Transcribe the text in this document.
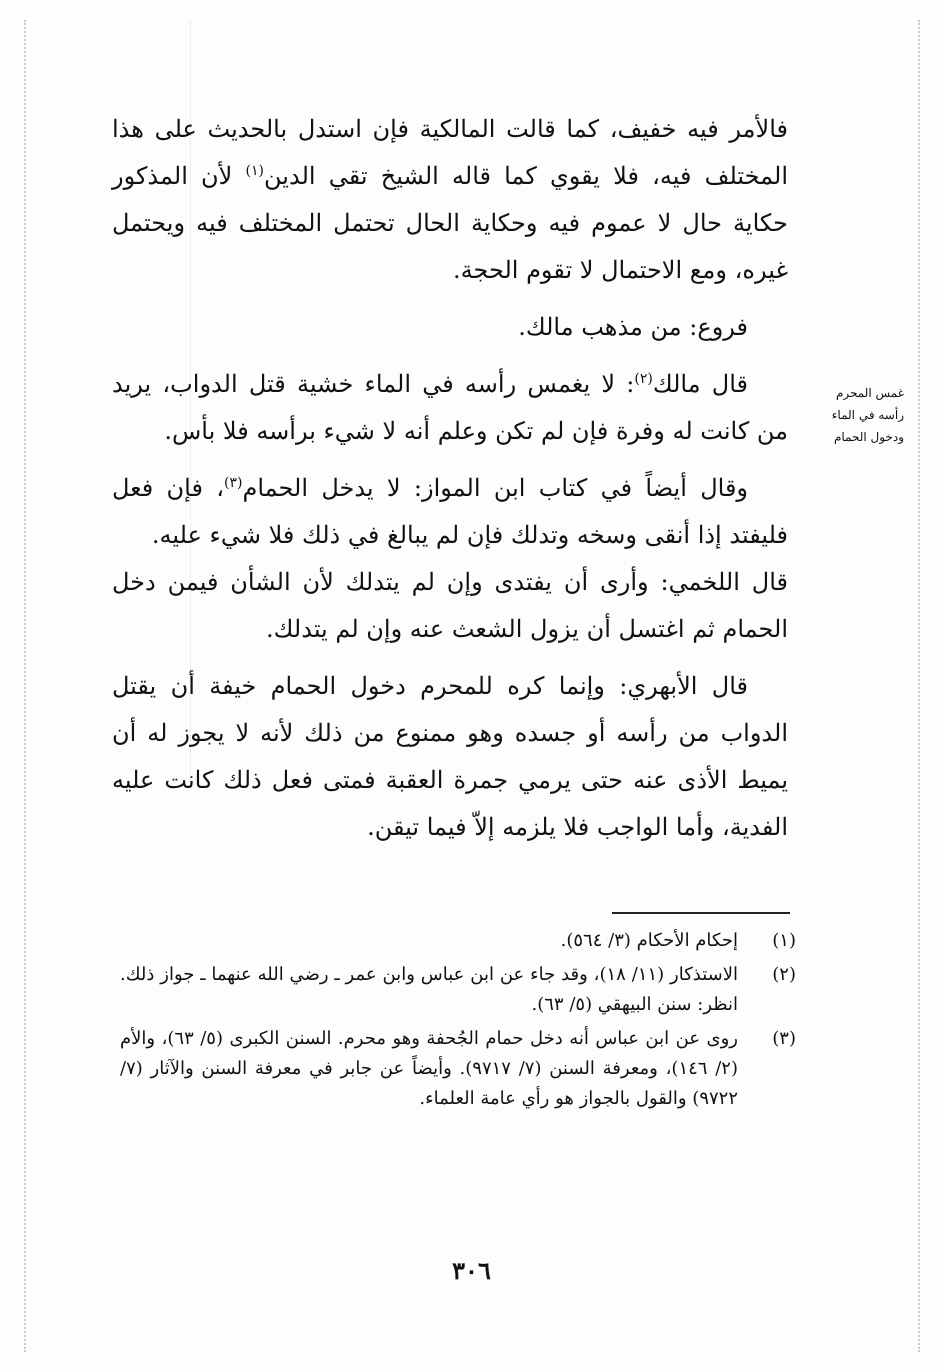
فالأمر فيه خفيف، كما قالت المالكية فإن استدل بالحديث على هذا المختلف فيه، فلا يقوي كما قاله الشيخ تقي الدين$^{(١)}$ لأن المذكور حكاية حال لا عموم فيه وحكاية الحال تحتمل المختلف فيه ويحتمل غيره، ومع الاحتمال لا تقوم الحجة.

فروع: من مذهب مالك.

قال مالك$^{(٢)}$: لا يغمس رأسه في الماء خشية قتل الدواب، يريد من كانت له وفرة فإن لم تكن وعلم أنه لا شيء برأسه فلا بأس.

وقال أيضاً في كتاب ابن المواز: لا يدخل الحمام$^{(٣)}$، فإن فعل فليفتد إذا أنقى وسخه وتدلك فإن لم يبالغ في ذلك فلا شيء عليه.

قال اللخمي: وأرى أن يفتدى وإن لم يتدلك لأن الشأن فيمن دخل الحمام ثم اغتسل أن يزول الشعث عنه وإن لم يتدلك.

قال الأبهري: وإنما كره للمحرم دخول الحمام خيفة أن يقتل الدواب من رأسه أو جسده وهو ممنوع من ذلك لأنه لا يجوز له أن يميط الأذى عنه حتى يرمي جمرة العقبة فمتى فعل ذلك كانت عليه الفدية، وأما الواجب فلا يلزمه إلاّ فيما تيقن.

غمس المحرم
رأسه في الماء
ودخول الحمام
(١)
إحكام الأحكام (٣/ ٥٦٤).
(٢)
الاستذكار (١١/ ١٨)، وقد جاء عن ابن عباس وابن عمر ـ رضي الله عنهما ـ جواز ذلك. انظر: سنن البيهقي (٥/ ٦٣).
(٣)
روى عن ابن عباس أنه دخل حمام الجُحفة وهو محرم. السنن الكبرى (٥/ ٦٣)، والأم (٢/ ١٤٦)، ومعرفة السنن (٧/ ٩٧١٧). وأيضاً عن جابر في معرفة السنن والآثار (٧/ ٩٧٢٢) والقول بالجواز هو رأي عامة العلماء.
٣٠٦
